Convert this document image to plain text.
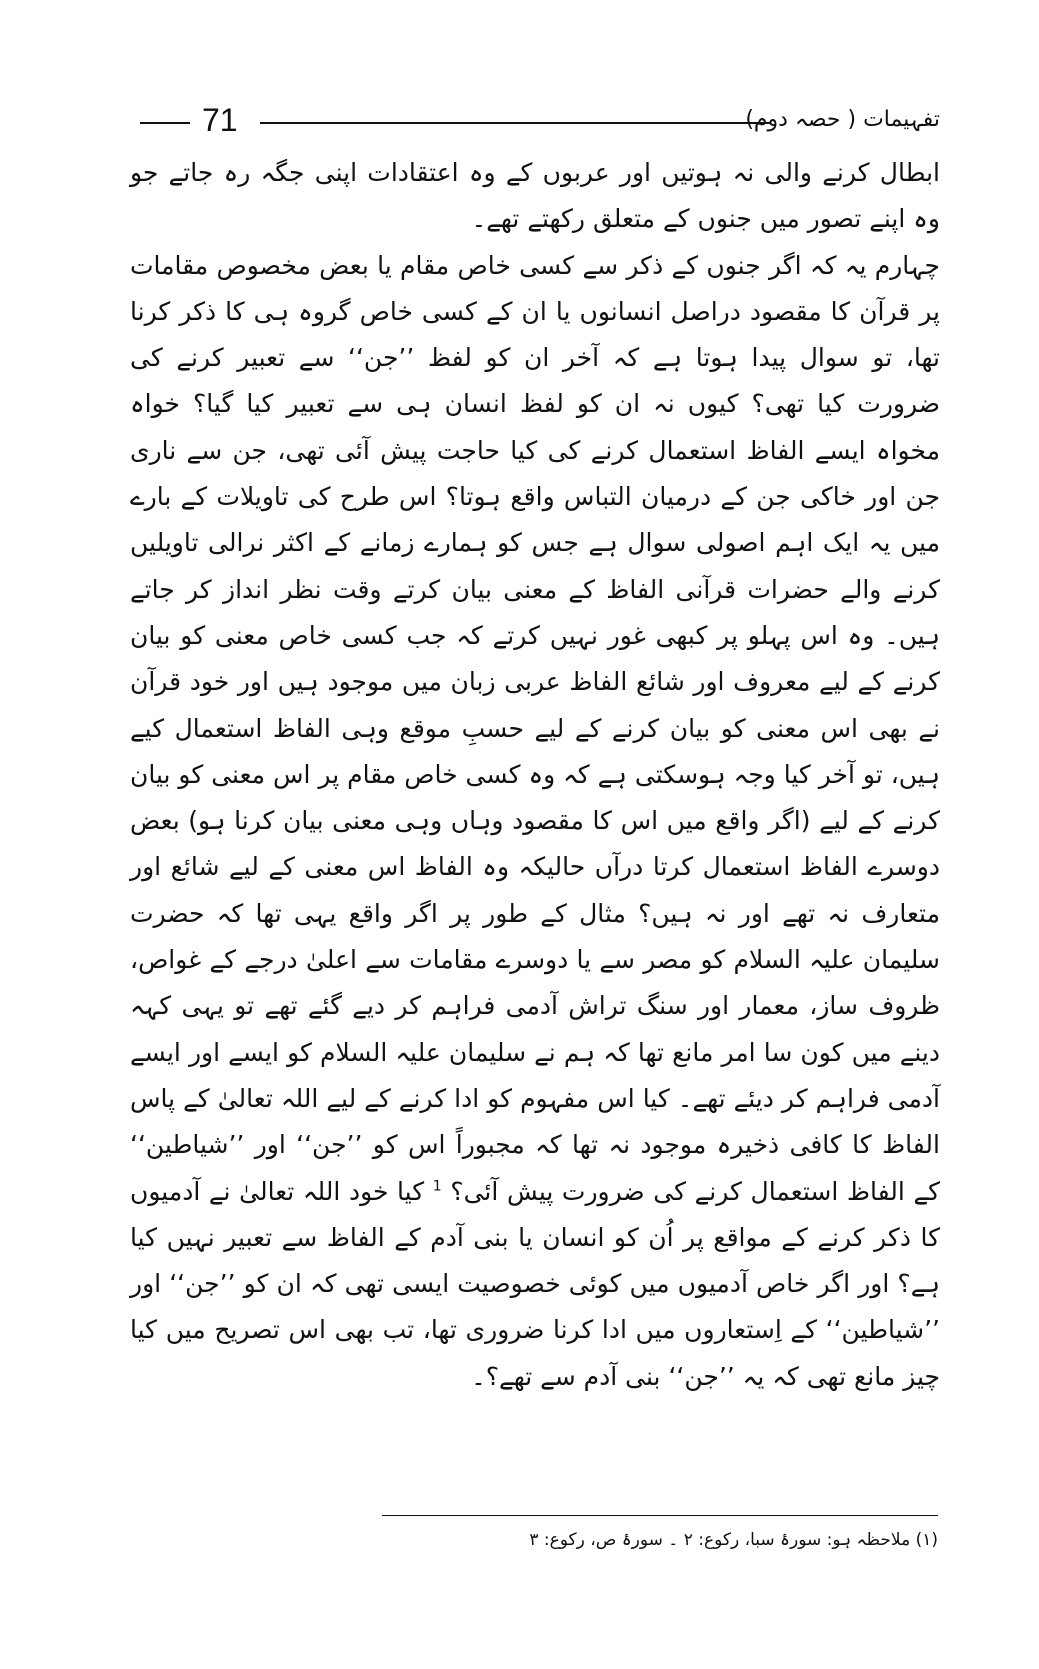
71	تفہیمات ( حصہ دوم)

ابطال کرنے والی نہ ہوتیں اور عربوں کے وہ اعتقادات اپنی جگہ رہ جاتے جو وہ اپنے تصور میں جنوں کے متعلق رکھتے تھے۔

چہارم یہ کہ اگر جنوں کے ذکر سے کسی خاص مقام یا بعض مخصوص مقامات پر قرآن کا مقصود دراصل انسانوں یا ان کے کسی خاص گروہ ہی کا ذکر کرنا تھا، تو سوال پیدا ہوتا ہے کہ آخر ان کو لفظ ’’جن‘‘ سے تعبیر کرنے کی ضرورت کیا تھی؟ کیوں نہ ان کو لفظ انسان ہی سے تعبیر کیا گیا؟ خواہ مخواہ ایسے الفاظ استعمال کرنے کی کیا حاجت پیش آئی تھی، جن سے ناری جن اور خاکی جن کے درمیان التباس واقع ہوتا؟ اس طرح کی تاویلات کے بارے میں یہ ایک اہم اصولی سوال ہے جس کو ہمارے زمانے کے اکثر نرالی تاویلیں کرنے والے حضرات قرآنی الفاظ کے معنی بیان کرتے وقت نظر انداز کر جاتے ہیں۔ وہ اس پہلو پر کبھی غور نہیں کرتے کہ جب کسی خاص معنی کو بیان کرنے کے لیے معروف اور شائع الفاظ عربی زبان میں موجود ہیں اور خود قرآن نے بھی اس معنی کو بیان کرنے کے لیے حسبِ موقع وہی الفاظ استعمال کیے ہیں، تو آخر کیا وجہ ہوسکتی ہے کہ وہ کسی خاص مقام پر اس معنی کو بیان کرنے کے لیے (اگر واقع میں اس کا مقصود وہاں وہی معنی بیان کرنا ہو) بعض دوسرے الفاظ استعمال کرتا درآں حالیکہ وہ الفاظ اس معنی کے لیے شائع اور متعارف نہ تھے اور نہ ہیں؟ مثال کے طور پر اگر واقع یہی تھا کہ حضرت سلیمان علیہ السلام کو مصر سے یا دوسرے مقامات سے اعلیٰ درجے کے غواص، ظروف ساز، معمار اور سنگ تراش آدمی فراہم کر دیے گئے تھے تو یہی کہہ دینے میں کون سا امر مانع تھا کہ ہم نے سلیمان علیہ السلام کو ایسے اور ایسے آدمی فراہم کر دیئے تھے۔ کیا اس مفہوم کو ادا کرنے کے لیے اللہ تعالیٰ کے پاس الفاظ کا کافی ذخیرہ موجود نہ تھا کہ مجبوراً اس کو ’’جن‘‘ اور ’’شیاطین‘‘ کے الفاظ استعمال کرنے کی ضرورت پیش آئی؟ $^1$ کیا خود اللہ تعالیٰ نے آدمیوں کا ذکر کرنے کے مواقع پر اُن کو انسان یا بنی آدم کے الفاظ سے تعبیر نہیں کیا ہے؟ اور اگر خاص آدمیوں میں کوئی خصوصیت ایسی تھی کہ ان کو ’’جن‘‘ اور ’’شیاطین‘‘ کے اِستعاروں میں ادا کرنا ضروری تھا، تب بھی اس تصریح میں کیا چیز مانع تھی کہ یہ ’’جن‘‘ بنی آدم سے تھے؟۔

(۱) ملاحظہ ہو: سورۂ سبا، رکوع: ۲ ۔ سورۂ ص، رکوع: ۳
